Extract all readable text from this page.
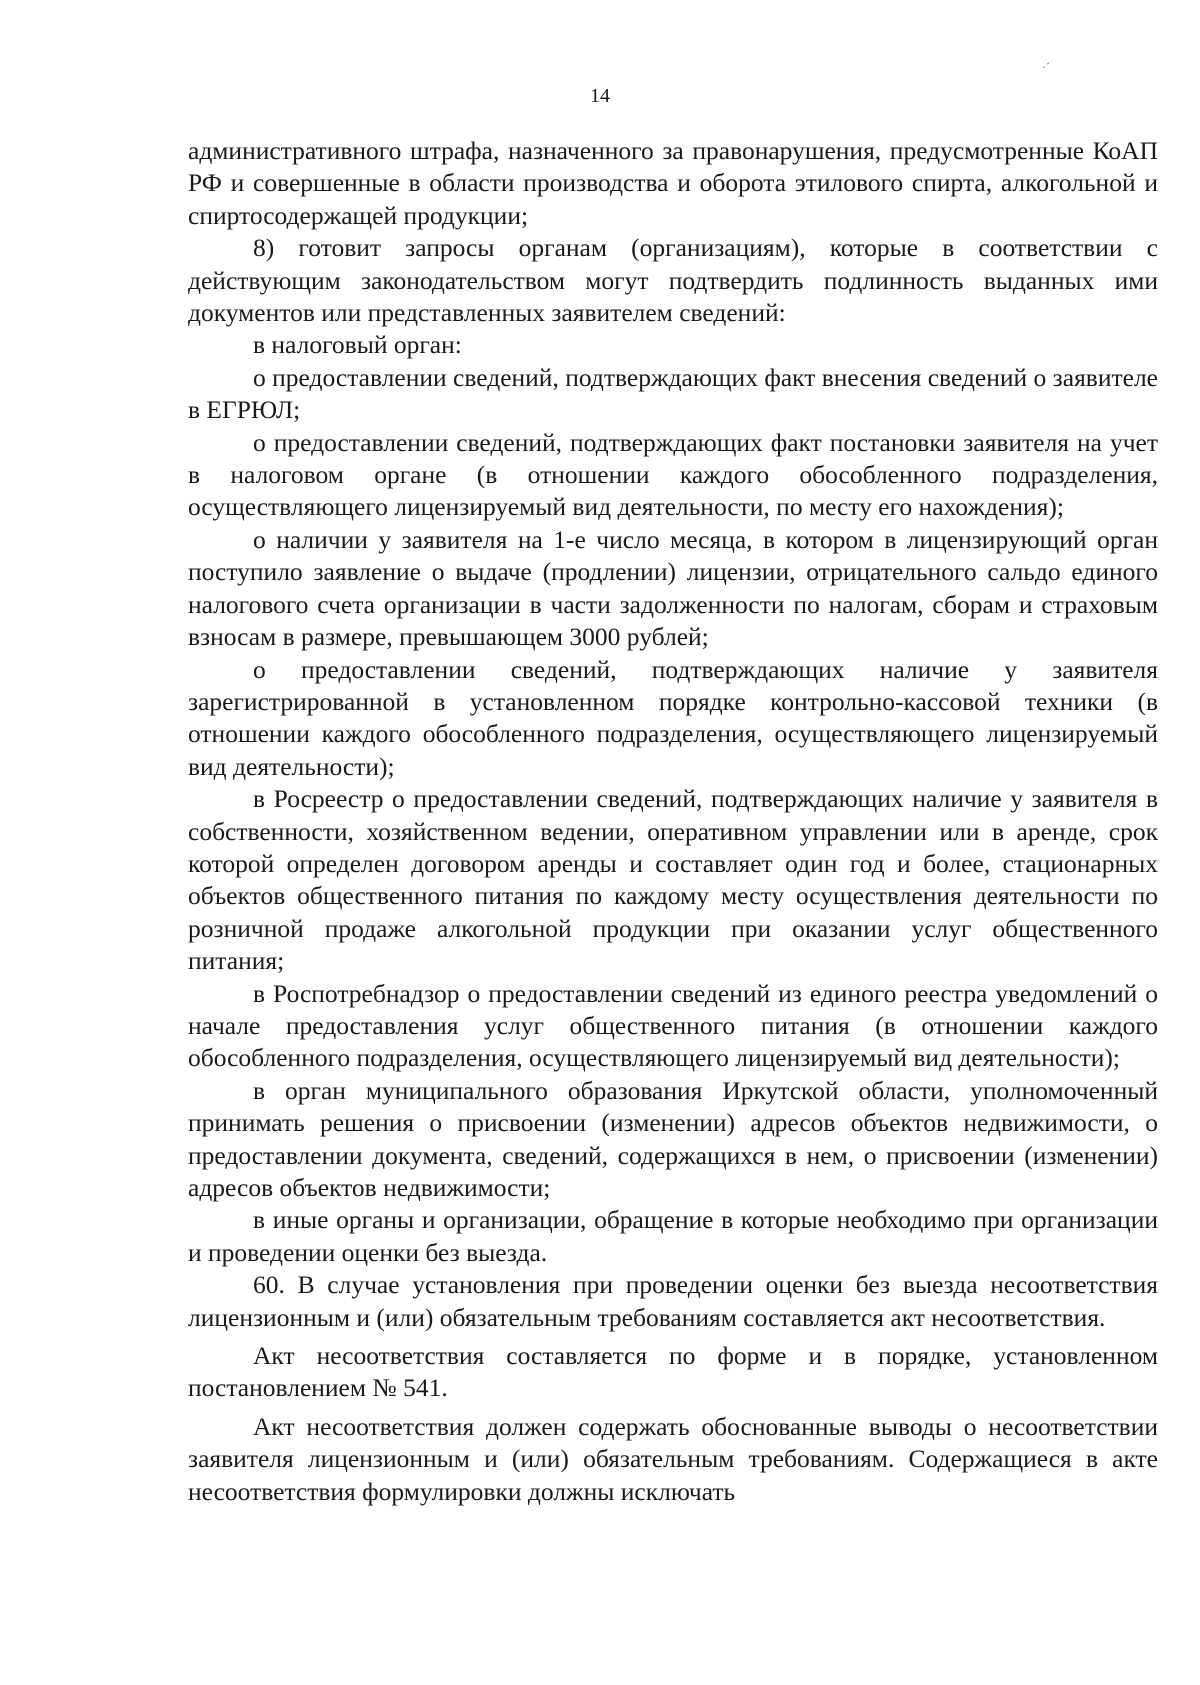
·´
14

административного штрафа, назначенного за правонарушения, предусмотренные КоАП РФ и совершенные в области производства и оборота этилового спирта, алкогольной и спиртосодержащей продукции;

8) готовит запросы органам (организациям), которые в соответствии с действующим законодательством могут подтвердить подлинность выданных ими документов или представленных заявителем сведений:

в налоговый орган:

о предоставлении сведений, подтверждающих факт внесения сведений о заявителе в ЕГРЮЛ;

о предоставлении сведений, подтверждающих факт постановки заявителя на учет в налоговом органе (в отношении каждого обособленного подразделения, осуществляющего лицензируемый вид деятельности, по месту его нахождения);

о наличии у заявителя на 1-е число месяца, в котором в лицензирующий орган поступило заявление о выдаче (продлении) лицензии, отрицательного сальдо единого налогового счета организации в части задолженности по налогам, сборам и страховым взносам в размере, превышающем 3000 рублей;

о предоставлении сведений, подтверждающих наличие у заявителя зарегистрированной в установленном порядке контрольно-кассовой техники (в отношении каждого обособленного подразделения, осуществляющего лицензируемый вид деятельности);

в Росреестр о предоставлении сведений, подтверждающих наличие у заявителя в собственности, хозяйственном ведении, оперативном управлении или в аренде, срок которой определен договором аренды и составляет один год и более, стационарных объектов общественного питания по каждому месту осуществления деятельности по розничной продаже алкогольной продукции при оказании услуг общественного питания;

в Роспотребнадзор о предоставлении сведений из единого реестра уведомлений о начале предоставления услуг общественного питания (в отношении каждого обособленного подразделения, осуществляющего лицензируемый вид деятельности);

в орган муниципального образования Иркутской области, уполномоченный принимать решения о присвоении (изменении) адресов объектов недвижимости, о предоставлении документа, сведений, содержащихся в нем, о присвоении (изменении) адресов объектов недвижимости;

в иные органы и организации, обращение в которые необходимо при организации и проведении оценки без выезда.

60. В случае установления при проведении оценки без выезда несоответствия лицензионным и (или) обязательным требованиям составляется акт несоответствия.

Акт несоответствия составляется по форме и в порядке, установленном постановлением № 541.

Акт несоответствия должен содержать обоснованные выводы о несоответствии заявителя лицензионным и (или) обязательным требованиям. Содержащиеся в акте несоответствия формулировки должны исключать
